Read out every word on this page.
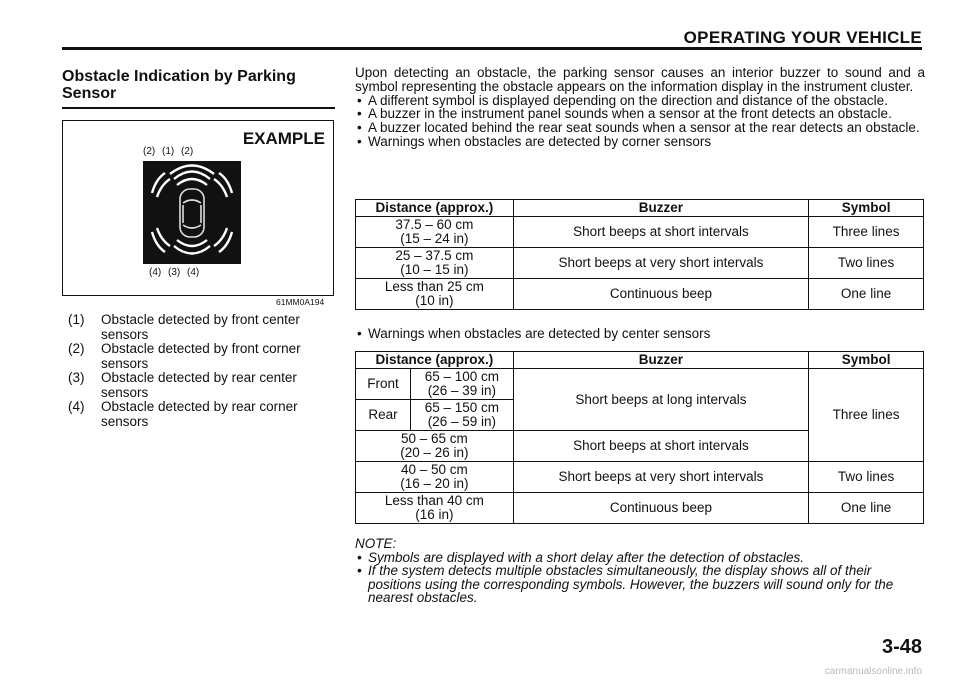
OPERATING YOUR VEHICLE
Obstacle Indication by Parking Sensor
EXAMPLE
(2) (1) (2)
(4) (3) (4)
61MM0A194
(1) Obstacle detected by front center sensors
(2) Obstacle detected by front corner sensors
(3) Obstacle detected by rear center sensors
(4) Obstacle detected by rear corner sensors
Upon detecting an obstacle, the parking sensor causes an interior buzzer to sound and a symbol representing the obstacle appears on the information display in the instrument cluster.
• A different symbol is displayed depending on the direction and distance of the obstacle.
• A buzzer in the instrument panel sounds when a sensor at the front detects an obstacle.
• A buzzer located behind the rear seat sounds when a sensor at the rear detects an obstacle.
• Warnings when obstacles are detected by corner sensors
Distance (approx.)	Buzzer	Symbol

37.5 – 60 cm
(15 – 24 in)	Short beeps at short intervals	Three lines

25 – 37.5 cm
(10 – 15 in)	Short beeps at very short intervals	Two lines

Less than 25 cm
(10 in)	Continuous beep	One line
• Warnings when obstacles are detected by center sensors
Distance (approx.)		Buzzer	Symbol
Front	65 – 100 cm
(26 – 39 in)	Short beeps at long intervals	Three lines
Rear	65 – 150 cm
(26 – 59 in)		

50 – 65 cm
(20 – 26 in)		Short beeps at short intervals	

40 – 50 cm
(16 – 20 in)		Short beeps at very short intervals	Two lines

Less than 40 cm
(16 in)		Continuous beep	One line
NOTE:
• Symbols are displayed with a short delay after the detection of obstacles.
• If the system detects multiple obstacles simultaneously, the display shows all of their positions using the corresponding symbols. However, the buzzers will sound only for the nearest obstacles.
3-48
carmanualsonline.info
